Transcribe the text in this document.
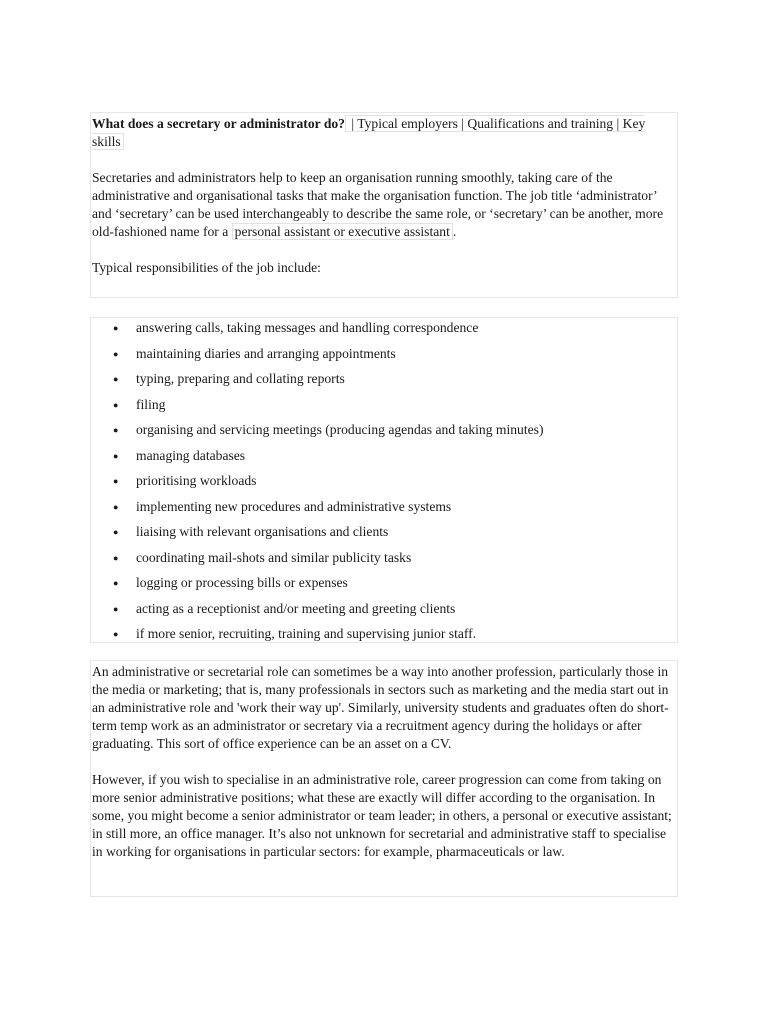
What does a secretary or administrator do? | Typical employers | Qualifications and training | Key skills

Secretaries and administrators help to keep an organisation running smoothly, taking care of the administrative and organisational tasks that make the organisation function. The job title ‘administrator’ and ‘secretary’ can be used interchangeably to describe the same role, or ‘secretary’ can be another, more old-fashioned name for a personal assistant or executive assistant .

Typical responsibilities of the job include:

● answering calls, taking messages and handling correspondence
● maintaining diaries and arranging appointments
● typing, preparing and collating reports
● filing
● organising and servicing meetings (producing agendas and taking minutes)
● managing databases
● prioritising workloads
● implementing new procedures and administrative systems
● liaising with relevant organisations and clients
● coordinating mail-shots and similar publicity tasks
● logging or processing bills or expenses
● acting as a receptionist and/or meeting and greeting clients
● if more senior, recruiting, training and supervising junior staff.

An administrative or secretarial role can sometimes be a way into another profession, particularly those in the media or marketing; that is, many professionals in sectors such as marketing and the media start out in an administrative role and 'work their way up'. Similarly, university students and graduates often do short-term temp work as an administrator or secretary via a recruitment agency during the holidays or after graduating. This sort of office experience can be an asset on a CV.

However, if you wish to specialise in an administrative role, career progression can come from taking on more senior administrative positions; what these are exactly will differ according to the organisation. In some, you might become a senior administrator or team leader; in others, a personal or executive assistant; in still more, an office manager. It’s also not unknown for secretarial and administrative staff to specialise in working for organisations in particular sectors: for example, pharmaceuticals or law.
